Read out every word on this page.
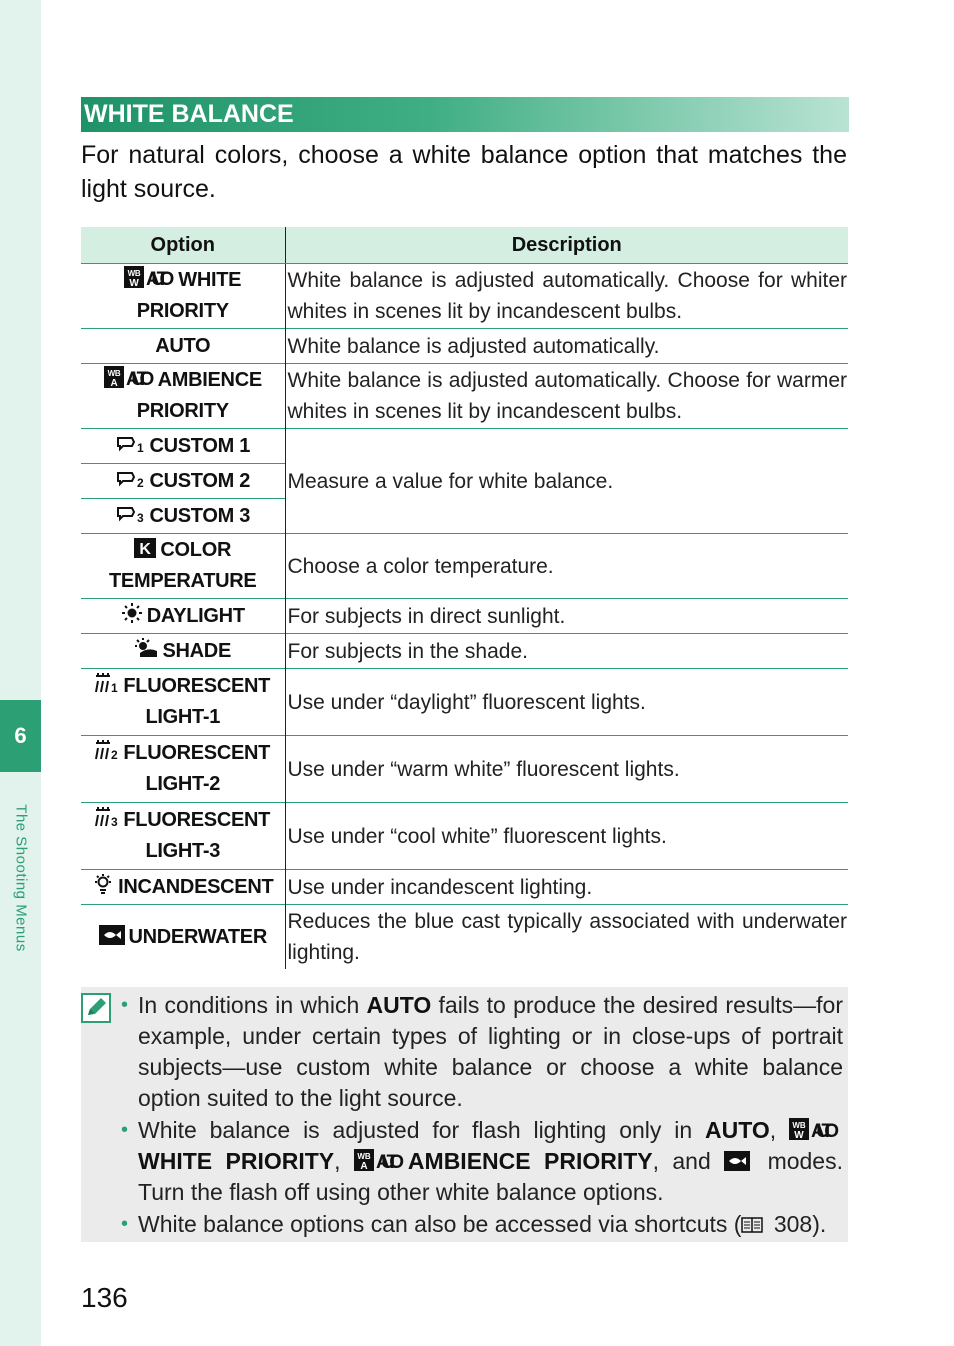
6
The Shooting Menus
WHITE BALANCE

For natural colors, choose a white balance option that matches the light source.

Option	Description

WB
W AUTO WHITE PRIORITY	White balance is adjusted automatically. Choose for whiter whites in scenes lit by incandescent bulbs.
AUTO	White balance is adjusted automatically.

WB
A AUTO AMBIENCE PRIORITY	White balance is adjusted automatically. Choose for warmer whites in scenes lit by incandescent bulbs.

1 CUSTOM 1	Measure a value for white balance.

2 CUSTOM 2	

3 CUSTOM 3	

K COLOR TEMPERATURE	Choose a color temperature.

DAYLIGHT	For subjects in direct sunlight.

SHADE	For subjects in the shade.

1 FLUORESCENT LIGHT-1	Use under “daylight” fluorescent lights.

2 FLUORESCENT LIGHT-2	Use under “warm white” fluorescent lights.

3 FLUORESCENT LIGHT-3	Use under “cool white” fluorescent lights.

INCANDESCENT	Use under incandescent lighting.

UNDERWATER	Reduces the blue cast typically associated with underwater lighting.
• In conditions in which AUTO fails to produce the desired results—for example, under certain types of lighting or in close-ups of portrait subjects—use custom white balance or choose a white balance option suited to the light source.
• White balance is adjusted for flash lighting only in AUTO, WB
W AUTO
WHITE PRIORITY, WB
A AUTO AMBIENCE PRIORITY, and
modes. Turn the flash off using other white balance options.
• White balance options can also be accessed via shortcuts (
308).
136
